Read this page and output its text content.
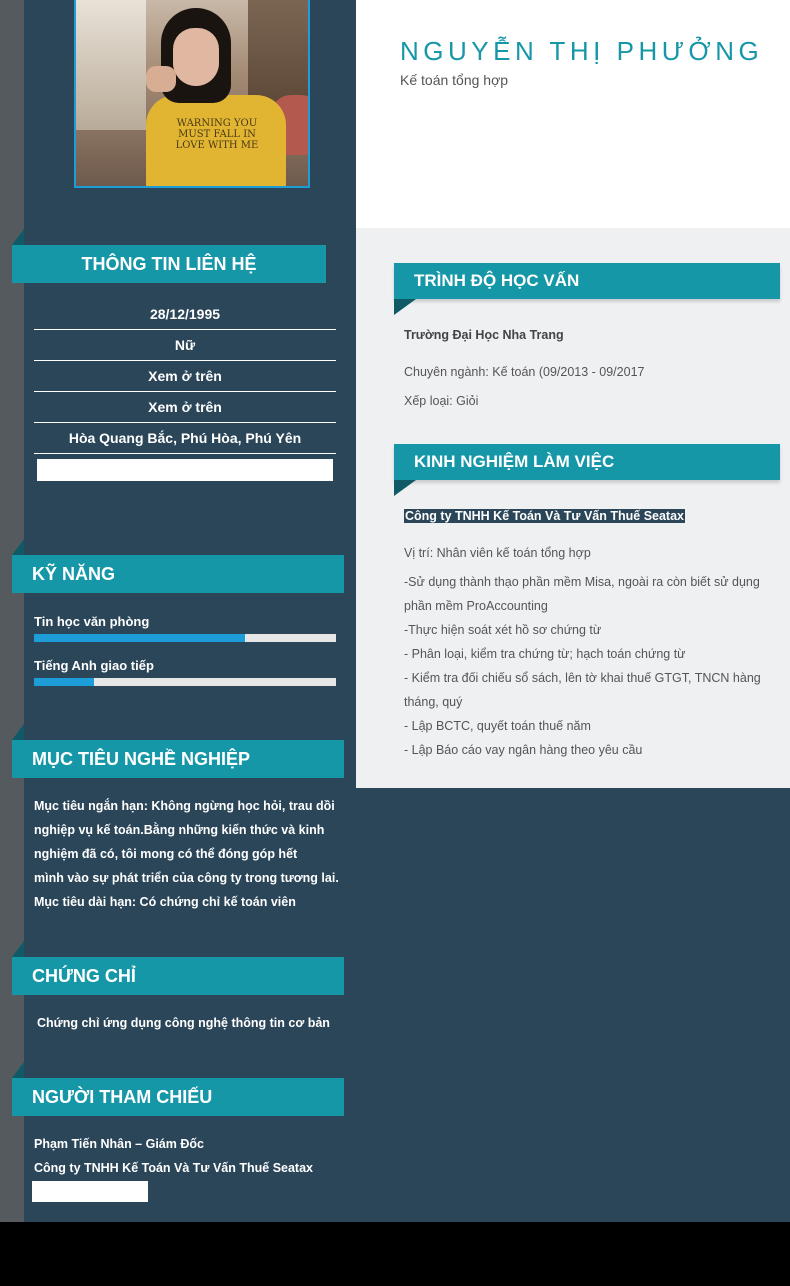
WARNING YOU MUST FALL IN LOVE WITH ME
NGUYỄN THỊ PHƯỞNG
Kế toán tổng hợp
THÔNG TIN LIÊN HỆ
28/12/1995
Nữ
Xem ở trên
Xem ở trên
Hòa Quang Bắc, Phú Hòa, Phú Yên
KỸ NĂNG
Tin học văn phòng
Tiếng Anh giao tiếp
MỤC TIÊU NGHỀ NGHIỆP
Mục tiêu ngắn hạn: Không ngừng học hỏi, trau dồi
nghiệp vụ kế toán.Bằng những kiến thức và kinh
nghiệm đã có, tôi mong có thể đóng góp hết
mình vào sự phát triển của công ty trong tương lai.
Mục tiêu dài hạn: Có chứng chỉ kế toán viên
CHỨNG CHỈ
Chứng chỉ ứng dụng công nghệ thông tin cơ bản
NGƯỜI THAM CHIẾU
Phạm Tiến Nhân – Giám Đốc
Công ty TNHH Kế Toán Và Tư Vấn Thuế Seatax
TRÌNH ĐỘ HỌC VẤN
Trường Đại Học Nha Trang
Chuyên ngành: Kế toán (09/2013 - 09/2017
Xếp loại: Giỏi
KINH NGHIỆM LÀM VIỆC
Công ty TNHH Kế Toán Và Tư Vấn Thuế Seatax
Vị trí: Nhân viên kế toán tổng hợp
-Sử dụng thành thạo phần mềm Misa, ngoài ra còn biết sử dụng
phần mềm ProAccounting
-Thực hiện soát xét hồ sơ chứng từ
- Phân loại, kiểm tra chứng từ; hạch toán chứng từ
- Kiểm tra đối chiếu sổ sách, lên tờ khai thuế GTGT, TNCN hàng
tháng, quý
- Lập BCTC, quyết toán thuế năm
- Lập Báo cáo vay ngân hàng theo yêu cầu
